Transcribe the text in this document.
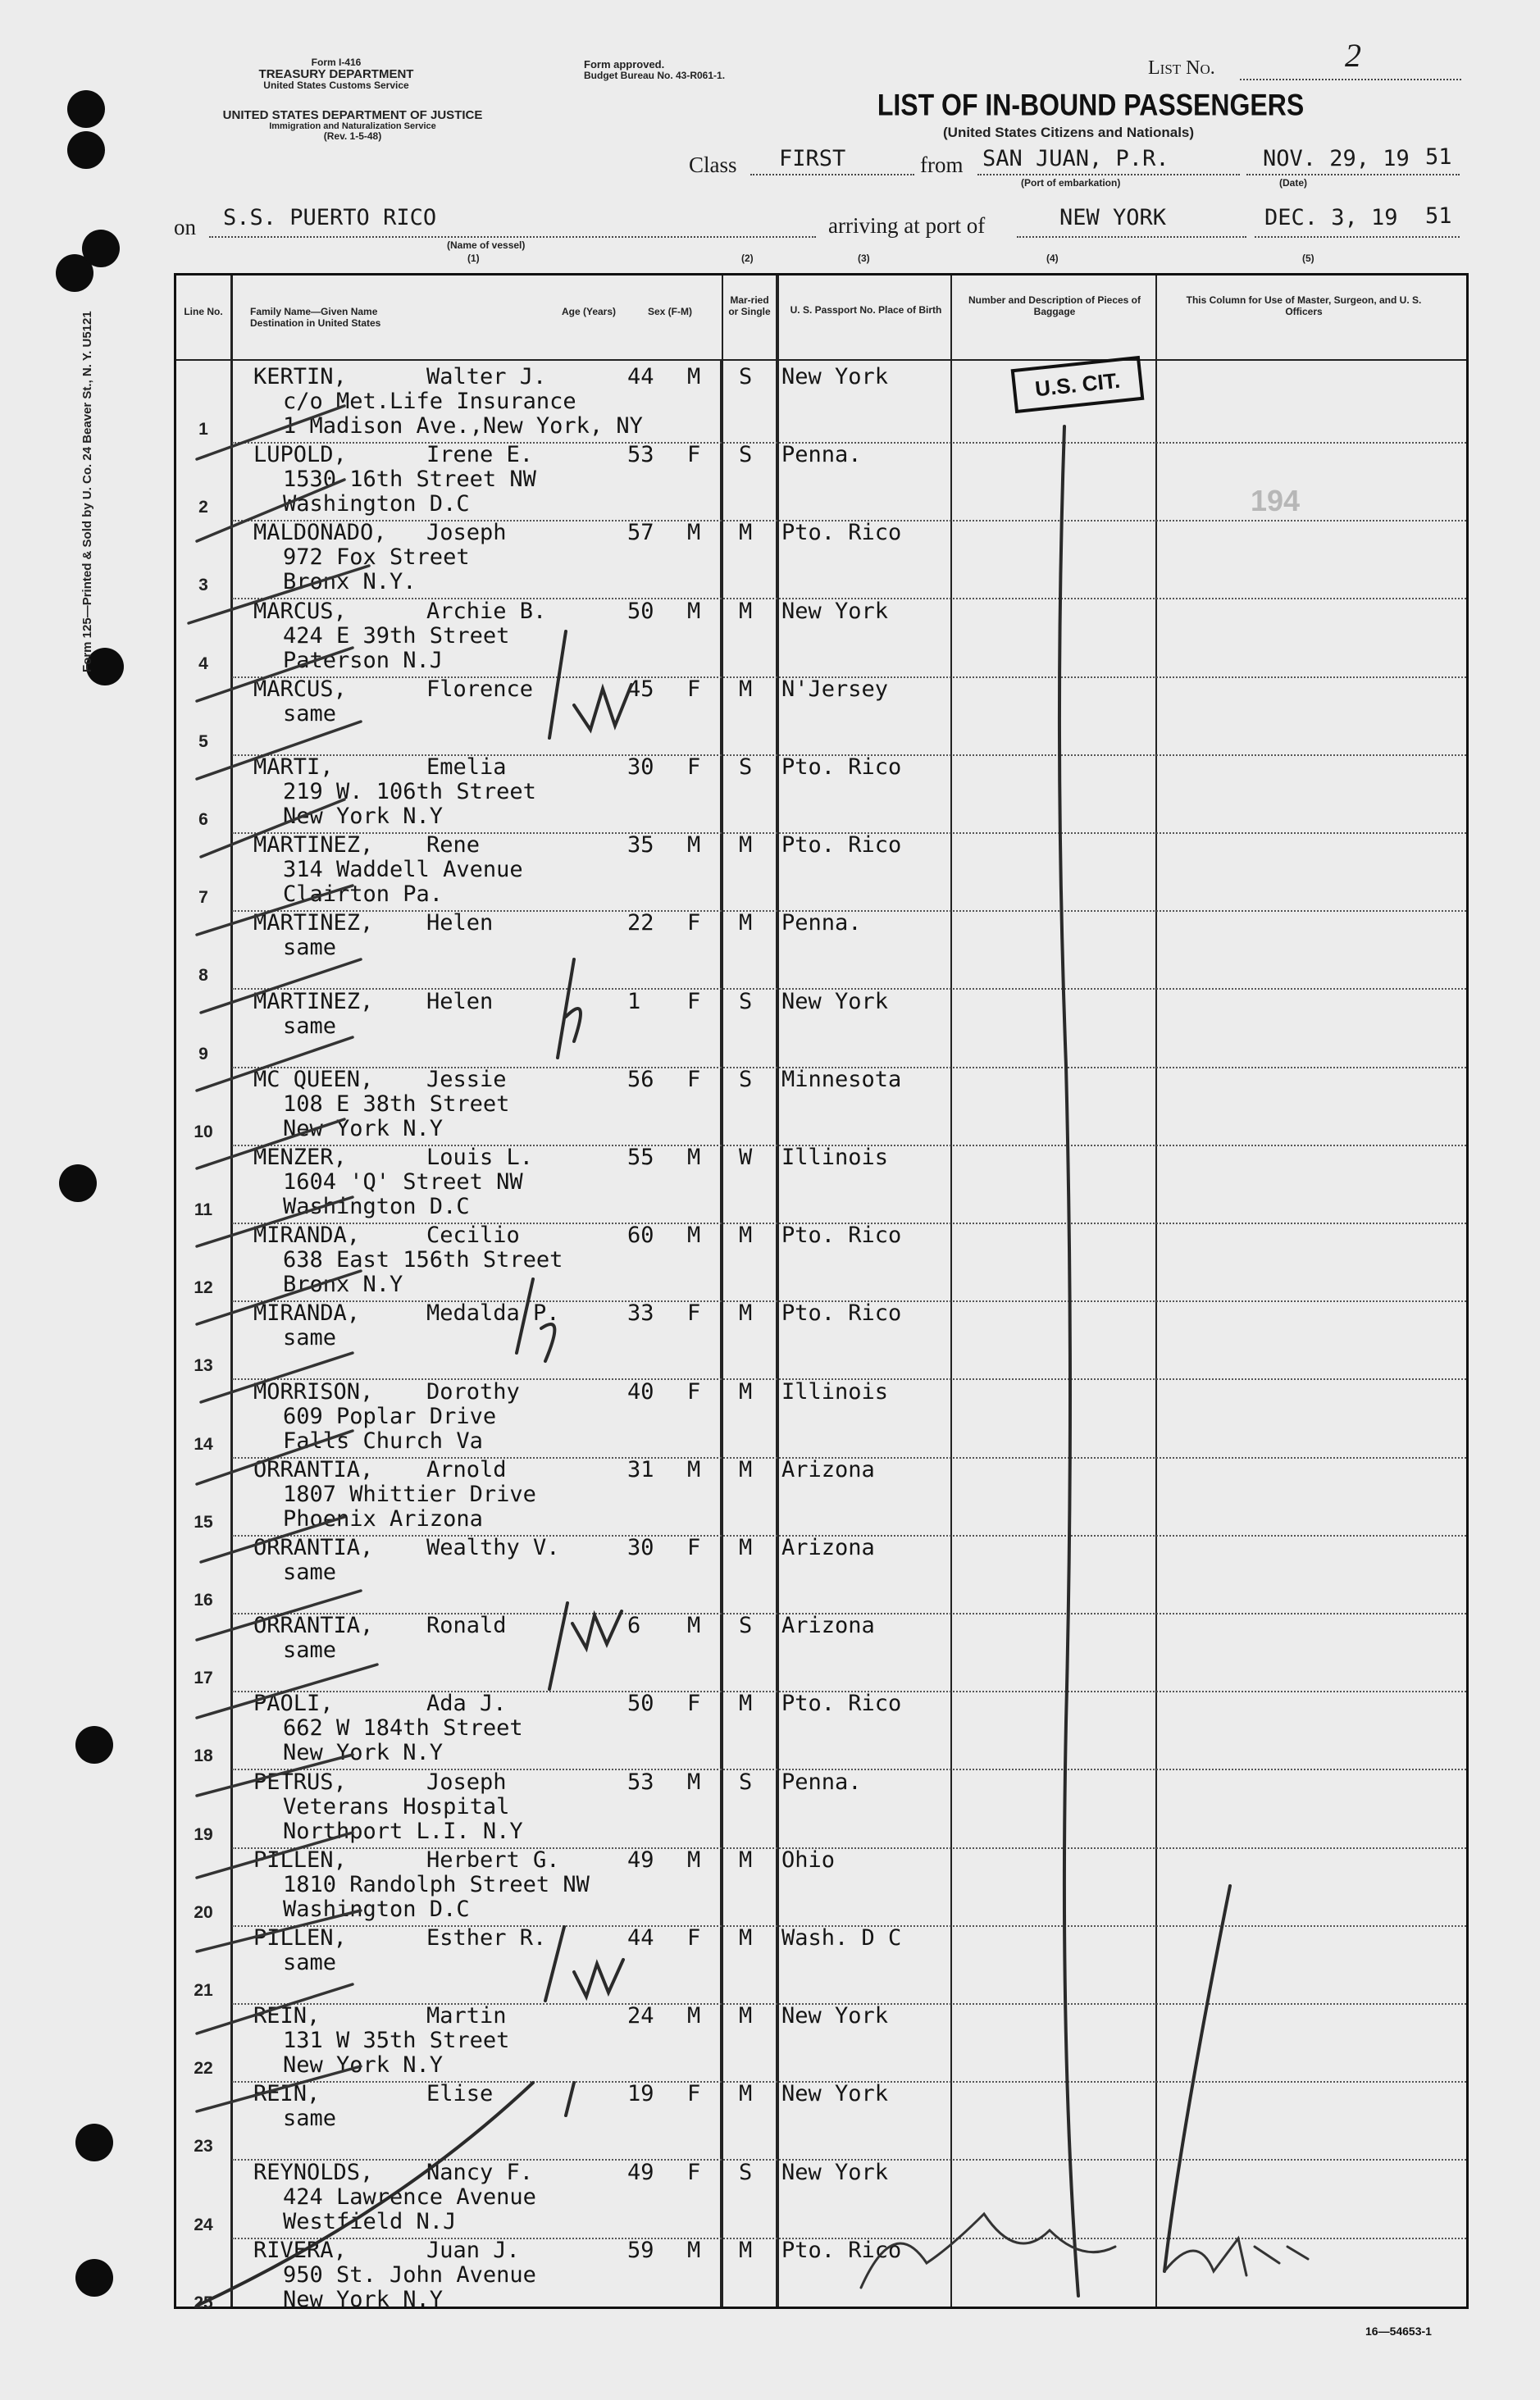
Form 125—Printed & Sold by U. Co. 24 Beaver St., N. Y. U5121
Form I-416
TREASURY DEPARTMENT
United States Customs Service
UNITED STATES DEPARTMENT OF JUSTICE
Immigration and Naturalization Service
(Rev. 1-5-48)
Form approved.
Budget Bureau No. 43-R061-1.	List No.	2
LIST OF IN-BOUND PASSENGERS
(United States Citizens and Nationals)
Class FIRST	from SAN JUAN, P.R.	NOV. 29, 19 51
(Port of embarkation)	(Date)
on S.S. PUERTO RICO
(Name of vessel)
arriving at port of	NEW YORK	DEC. 3, 19 51
(1)	(2)	(3)	(4)	(5)
Line No.	Family Name—Given Name
Destination in United States
Age (Years)	Sex (F-M)
Mar-ried or Single U. S. Passport No. Place of Birth
Number and Description of Pieces of Baggage
This Column for Use of Master, Surgeon, and U. S. Officers
1
KERTIN,	Walter J.
c/o Met.Life Insurance
1 Madison Ave.,New York, NY
44 M S New York
2
LUPOLD,	Irene E.
1530 16th Street NW
Washington D.C
53 F S Penna.
3
MALDONADO, Joseph
972 Fox Street
Bronx N.Y.
57 M M Pto. Rico
4
MARCUS,	Archie B.
424 E 39th Street
Paterson N.J
50 M M New York
5
MARCUS,	Florence
same
45 F M N'Jersey
6
MARTI,	Emelia
219 W. 106th Street
New York N.Y
30 F S Pto. Rico
7
MARTINEZ, Rene
314 Waddell Avenue
Clairton Pa.
35 M M Pto. Rico
8
MARTINEZ, Helen
same
22 F M Penna.
9
MARTINEZ, Helen
same
1 F S New York
10
MC QUEEN, Jessie
108 E 38th Street
New York N.Y
56 F S Minnesota
11
MENZER,	Louis L.
1604 'Q' Street NW
Washington D.C
55 M W Illinois
12
MIRANDA,	Cecilio
638 East 156th Street
Bronx N.Y
60 M M Pto. Rico
13
MIRANDA,	Medalda P.
same
33 F M Pto. Rico
14
MORRISON, Dorothy
609 Poplar Drive
Falls Church Va
40 F M Illinois
15
ORRANTIA, Arnold
1807 Whittier Drive
Phoenix Arizona
31 M M Arizona
16
ORRANTIA, Wealthy V.
same
30 F M Arizona
17
ORRANTIA, Ronald
same
6 M S Arizona
18
PAOLI,	Ada J.
662 W 184th Street
New York N.Y
50 F M Pto. Rico
19
PETRUS,	Joseph
Veterans Hospital
Northport L.I. N.Y
53 M S Penna.
20
PILLEN,	Herbert G.
1810 Randolph Street NW
Washington D.C
49 M M Ohio
21
PILLEN,	Esther R.
same
44 F M Wash. D C
22
REIN,	Martin
131 W 35th Street
New York N.Y
24 M M New York
23
REIN,	Elise
same
19 F M New York
24
REYNOLDS, Nancy F.
424 Lawrence Avenue
Westfield N.J
49 F S New York
25
RIVERA,	Juan J.
950 St. John Avenue
New York N.Y
59 M M Pto. Rico
U.S. CIT.
194
16—54653-1
